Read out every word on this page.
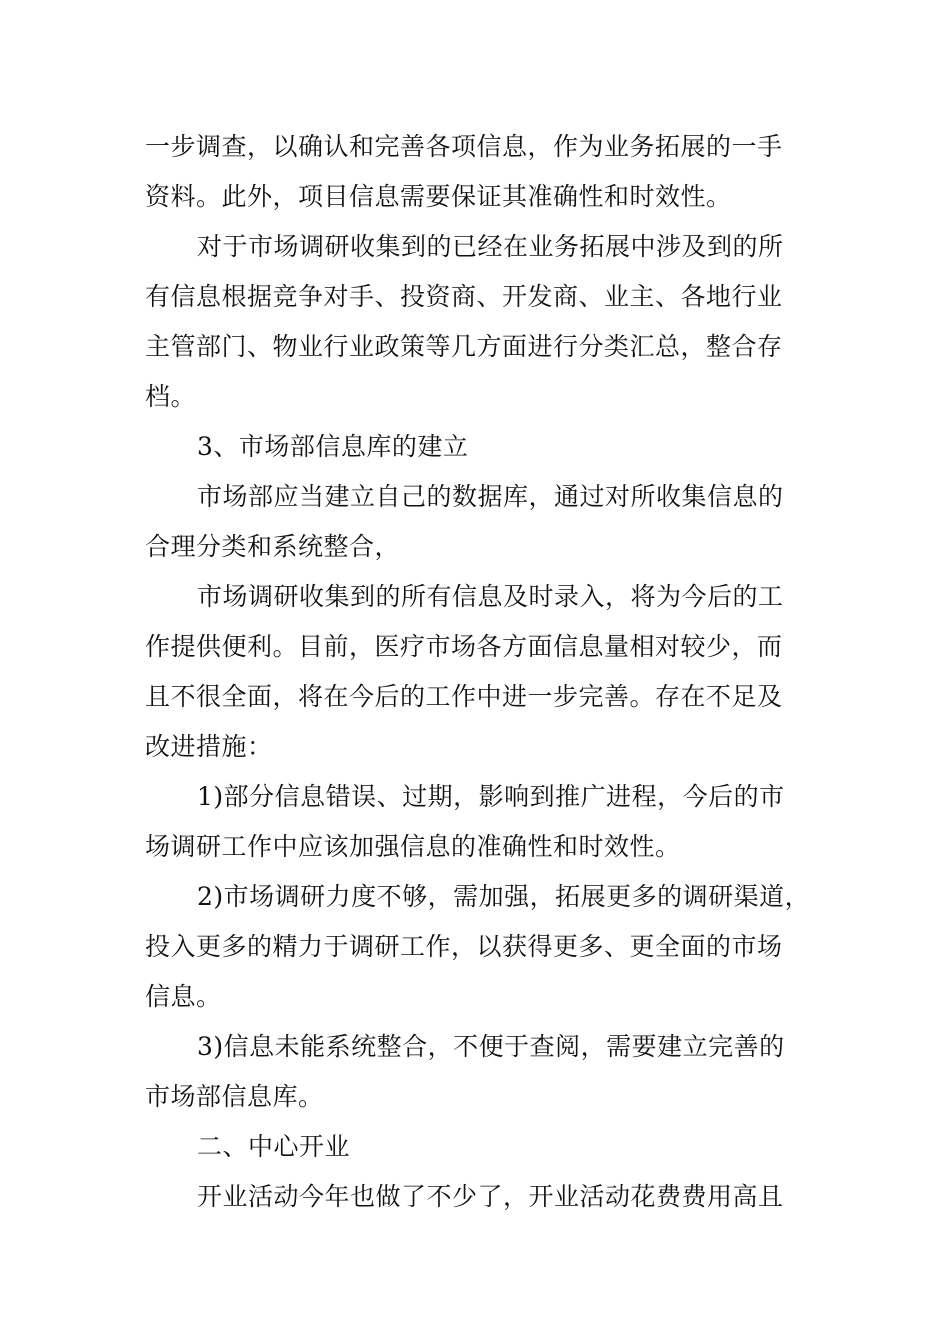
一步调查，以确认和完善各项信息，作为业务拓展的一手
资料。此外，项目信息需要保证其准确性和时效性。
对于市场调研收集到的已经在业务拓展中涉及到的所
有信息根据竞争对手、投资商、开发商、业主、各地行业
主管部门、物业行业政策等几方面进行分类汇总，整合存
档。
3、市场部信息库的建立
市场部应当建立自己的数据库，通过对所收集信息的
合理分类和系统整合，
市场调研收集到的所有信息及时录入，将为今后的工
作提供便利。目前，医疗市场各方面信息量相对较少，而
且不很全面，将在今后的工作中进一步完善。存在不足及
改进措施：
1)部分信息错误、过期，影响到推广进程，今后的市
场调研工作中应该加强信息的准确性和时效性。
2)市场调研力度不够，需加强，拓展更多的调研渠道，
投入更多的精力于调研工作，以获得更多、更全面的市场
信息。
3)信息未能系统整合，不便于查阅，需要建立完善的
市场部信息库。
二、中心开业
开业活动今年也做了不少了，开业活动花费费用高且
